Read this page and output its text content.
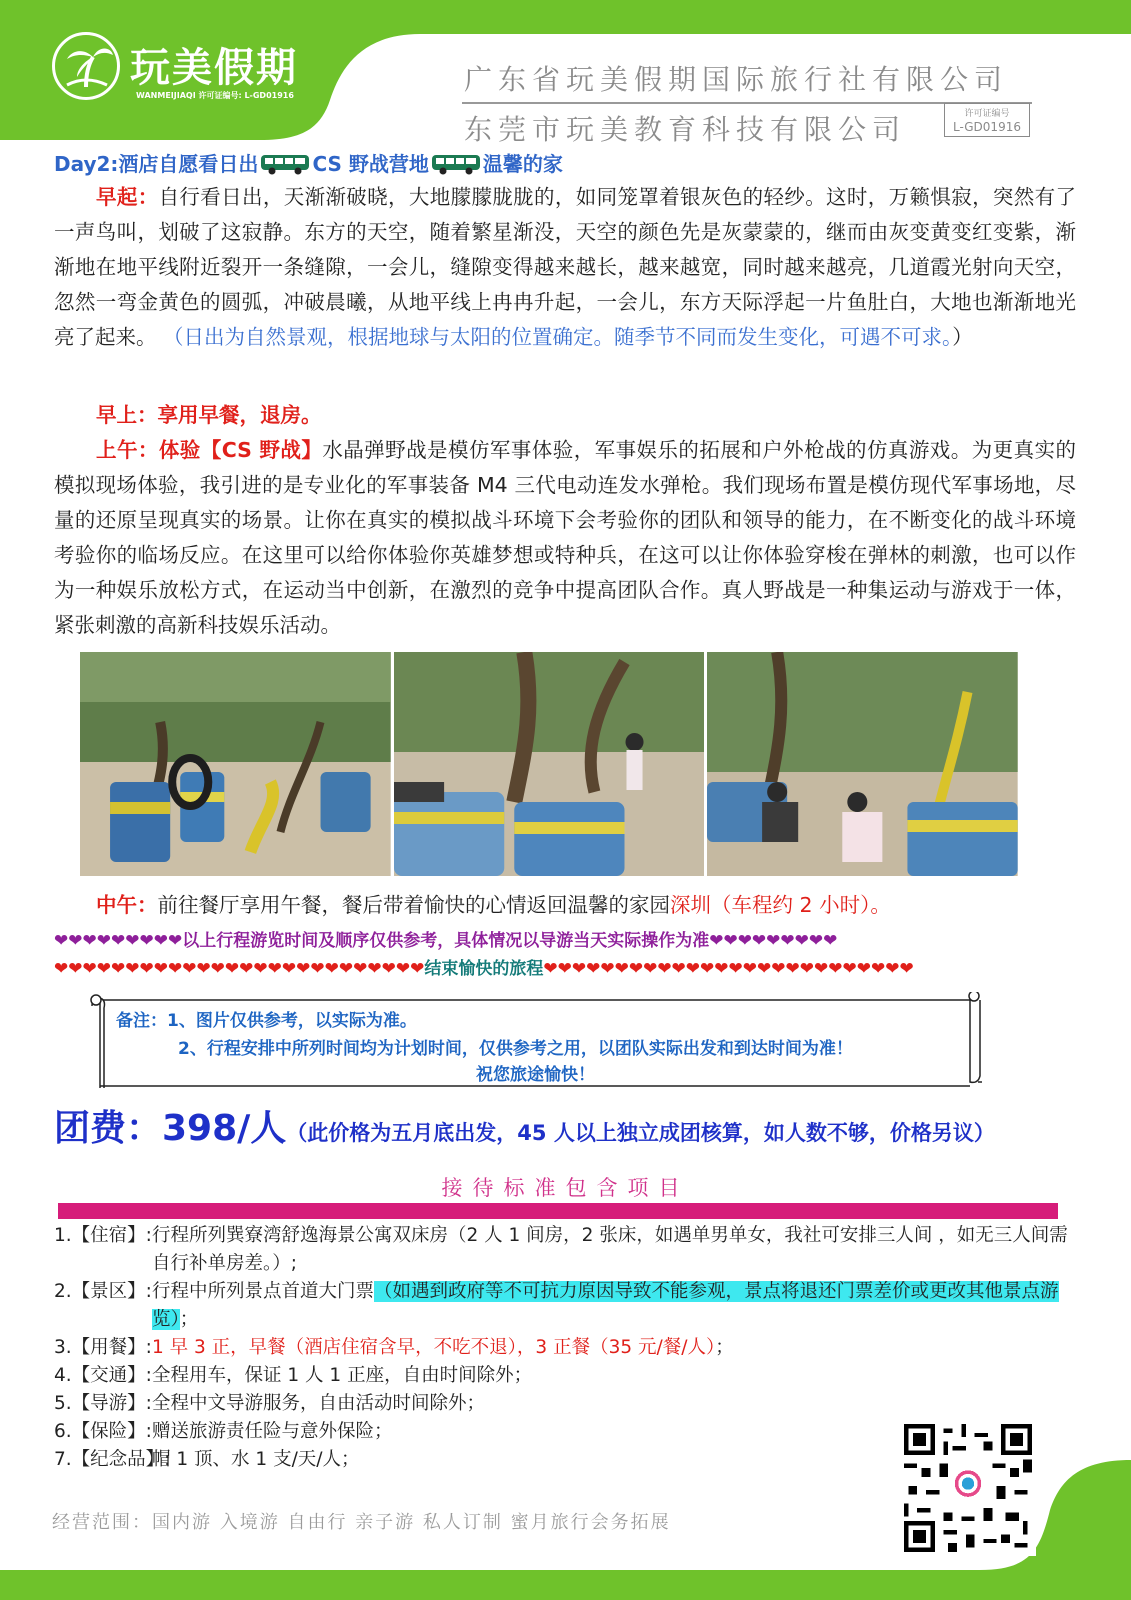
玩美假期
WANMEIJIAQI 许可证编号: L-GD01916	广东省玩美假期国际旅行社有限公司
东莞市玩美教育科技有限公司	许可证编号
L-GD01916
Day2:酒店自愿看日出	CS 野战营地	温馨的家
早起：自行看日出，天渐渐破晓，大地朦朦胧胧的，如同笼罩着银灰色的轻纱。这时，万籁惧寂，突然有了一声鸟叫，划破了这寂静。东方的天空，随着繁星渐没，天空的颜色先是灰蒙蒙的，继而由灰变黄变红变紫，渐渐地在地平线附近裂开一条缝隙，一会儿，缝隙变得越来越长，越来越宽，同时越来越亮，几道霞光射向天空，忽然一弯金黄色的圆弧，冲破晨曦，从地平线上冉冉升起，一会儿，东方天际浮起一片鱼肚白，大地也渐渐地光亮了起来。 （日出为自然景观，根据地球与太阳的位置确定。随季节不同而发生变化，可遇不可求。）
早上：享用早餐，退房。
上午：体验【CS 野战】水晶弹野战是模仿军事体验，军事娱乐的拓展和户外枪战的仿真游戏。为更真实的模拟现场体验，我引进的是专业化的军事装备 M4 三代电动连发水弹枪。我们现场布置是模仿现代军事场地，尽量的还原呈现真实的场景。让你在真实的模拟战斗环境下会考验你的团队和领导的能力，在不断变化的战斗环境考验你的临场反应。在这里可以给你体验你英雄梦想或特种兵，在这可以让你体验穿梭在弹林的刺激，也可以作为一种娱乐放松方式，在运动当中创新，在激烈的竞争中提高团队合作。真人野战是一种集运动与游戏于一体，紧张刺激的高新科技娱乐活动。
中午：前往餐厅享用午餐，餐后带着愉快的心情返回温馨的家园深圳（车程约 2 小时）。
❤❤❤❤❤❤❤❤❤以上行程游览时间及顺序仅供参考，具体情况以导游当天实际操作为准❤❤❤❤❤❤❤❤❤
❤❤❤❤❤❤❤❤❤❤❤❤❤❤❤❤❤❤❤❤❤❤❤❤❤❤结束愉快的旅程❤❤❤❤❤❤❤❤❤❤❤❤❤❤❤❤❤❤❤❤❤❤❤❤❤❤
备注：1、图片仅供参考，以实际为准。
2、行程安排中所列时间均为计划时间，仅供参考之用，以团队实际出发和到达时间为准！
祝您旅途愉快！
团费：398/人（此价格为五月底出发，45 人以上独立成团核算，如人数不够，价格另议）
接待标准包含项目
1.【住宿】: 行程所列巽寮湾舒逸海景公寓双床房（2 人 1 间房，2 张床，如遇单男单女，我社可安排三人间 ，如无三人间需自行补单房差。）;
2.【景区】: 行程中所列景点首道大门票（如遇到政府等不可抗力原因导致不能参观，景点将退还门票差价或更改其他景点游览）；
3.【用餐】: 1 早 3 正，早餐（酒店住宿含早，不吃不退），3 正餐（35 元/餐/人）；
4.【交通】: 全程用车，保证 1 人 1 正座，自由时间除外；
5.【导游】: 全程中文导游服务，自由活动时间除外；
6.【保险】: 赠送旅游责任险与意外保险；
7.【纪念品】:
帽 1 顶、水 1 支/天/人；
经营范围：国内游 入境游 自由行 亲子游 私人订制 蜜月旅行会务拓展
